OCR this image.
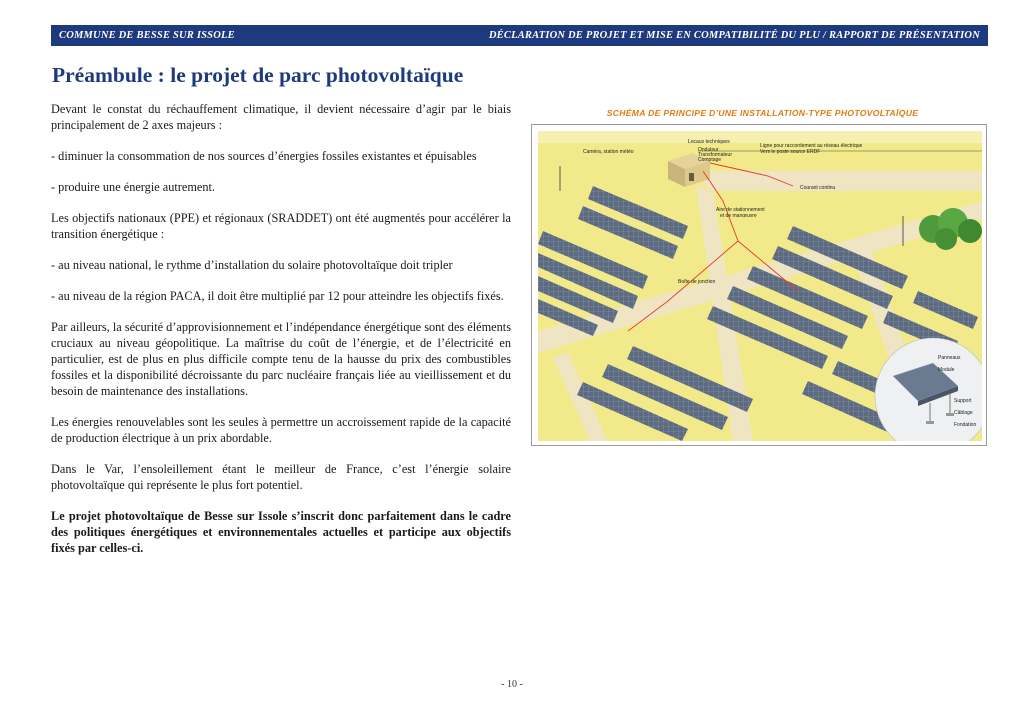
COMMUNE DE BESSE SUR ISSOLE	DÉCLARATION DE PROJET ET MISE EN COMPATIBILITÉ DU PLU / RAPPORT DE PRÉSENTATION
Préambule : le projet de parc photovoltaïque

Devant le constat du réchauffement climatique, il devient nécessaire d’agir par le biais principalement de 2 axes majeurs :

- diminuer la consommation de nos sources d’énergies fossiles existantes et épuisables

- produire une énergie autrement.

Les objectifs nationaux (PPE) et régionaux (SRADDET) ont été augmentés pour accélérer la transition énergétique :

- au niveau national, le rythme d’installation du solaire photovoltaïque doit tripler

- au niveau de la région PACA, il doit être multiplié par 12 pour atteindre les objectifs fixés.

Par ailleurs, la sécurité d’approvisionnement et l’indépendance énergétique sont des éléments cruciaux au niveau géopolitique. La maîtrise du coût de l’énergie, et de l’électricité en particulier, est de plus en plus difficile compte tenu de la hausse du prix des combustibles fossiles et la disponibilité décroissante du parc nucléaire français liée au vieillissement et du besoin de maintenance des installations.

Les énergies renouvelables sont les seules à permettre un accroissement rapide de la capacité de production électrique à un prix abordable.

Dans le Var, l’ensoleillement étant le meilleur de France, c’est l’énergie solaire photovoltaïque qui représente le plus fort potentiel.

Le projet photovoltaïque de Besse sur Issole s’inscrit donc parfaitement dans le cadre des politiques énergétiques et environnementales actuelles et participe aux objectifs fixés par celles-ci.

SCHÉMA DE PRINCIPE D’UNE INSTALLATION-TYPE PHOTOVOLTAÏQUE
Caméra, station météo
Locaux techniques
Onduleur
Transformateur
Comptage
Ligne pour raccordement au réseau électrique
Vers le poste source ERDF
Courant continu
Aire de stationnement
et de manœuvre
Boîte de jonction
Panneaux
Module
Support
Câblage
Fondation
- 10 -
